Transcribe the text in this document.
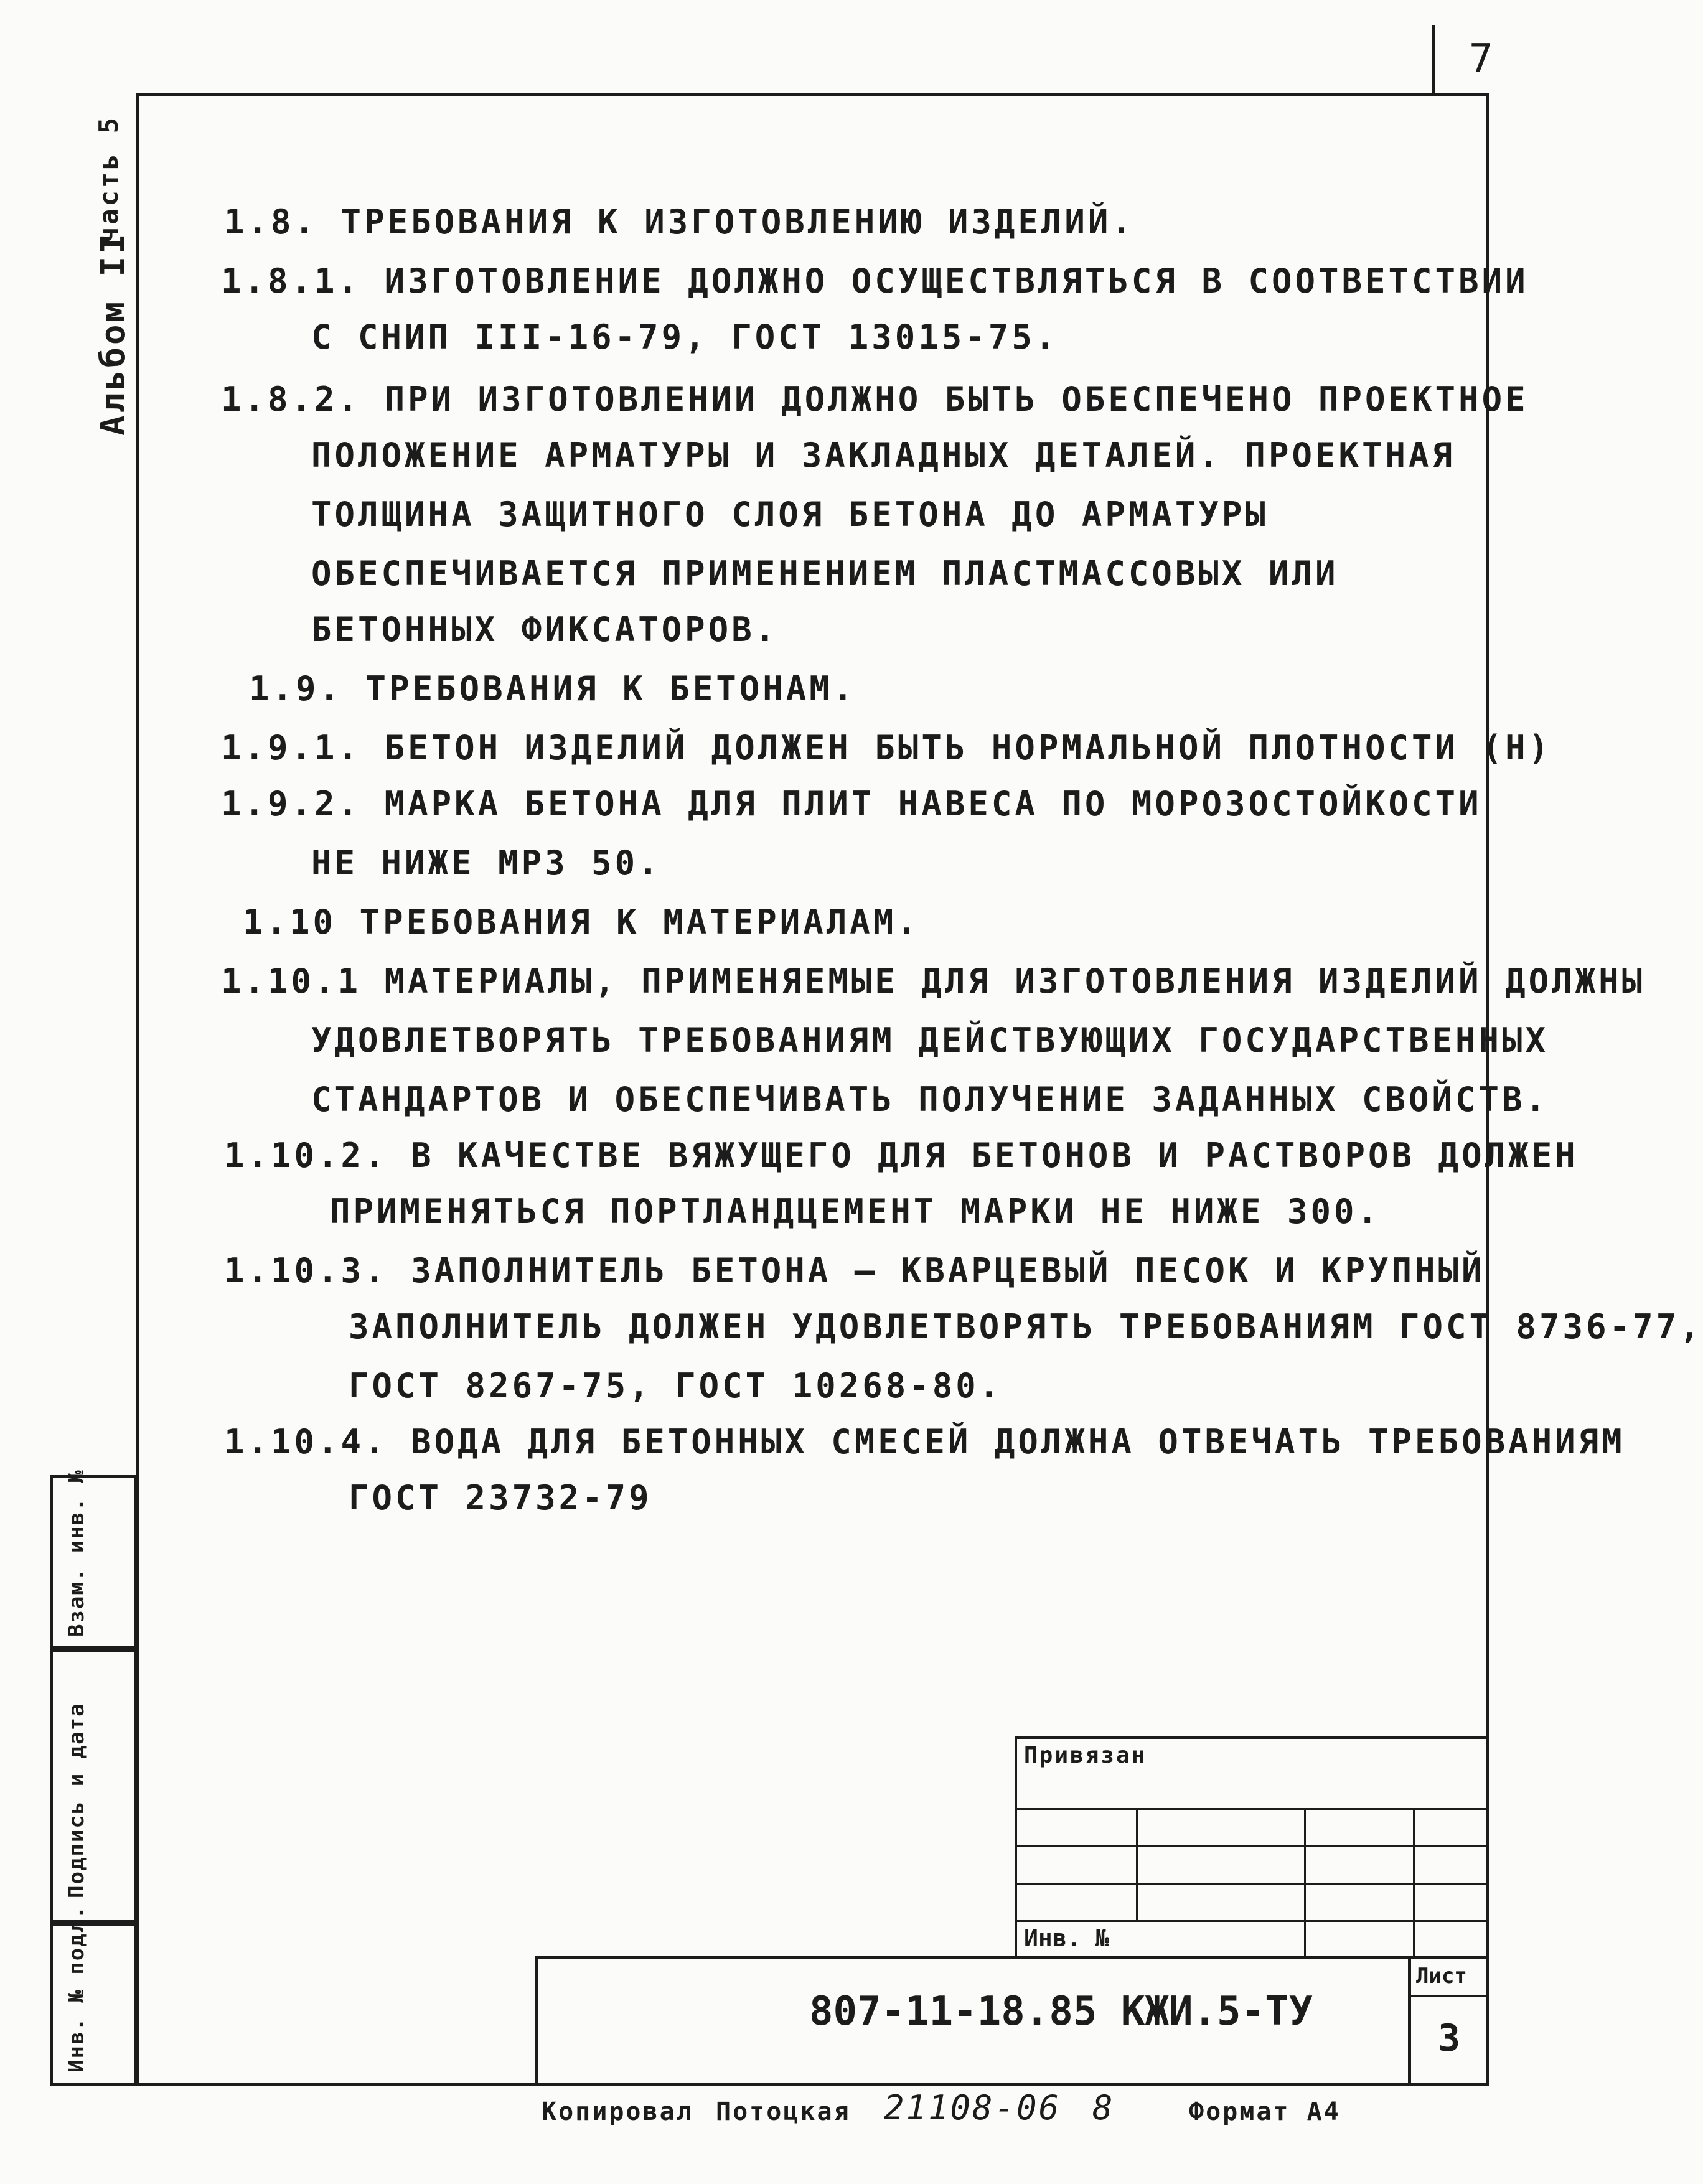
7
Альбом II
часть 5
Взам. инв. №
Подпись и дата
Инв. № подл.
1.8. ТРЕБОВАНИЯ К ИЗГОТОВЛЕНИЮ ИЗДЕЛИЙ.
1.8.1. ИЗГОТОВЛЕНИЕ ДОЛЖНО ОСУЩЕСТВЛЯТЬСЯ В СООТВЕТСТВИИ
С СНИП III-16-79, ГОСТ 13015-75.
1.8.2. ПРИ ИЗГОТОВЛЕНИИ ДОЛЖНО БЫТЬ ОБЕСПЕЧЕНО ПРОЕКТНОЕ
ПОЛОЖЕНИЕ АРМАТУРЫ И ЗАКЛАДНЫХ ДЕТАЛЕЙ. ПРОЕКТНАЯ
ТОЛЩИНА ЗАЩИТНОГО СЛОЯ БЕТОНА ДО АРМАТУРЫ
ОБЕСПЕЧИВАЕТСЯ ПРИМЕНЕНИЕМ ПЛАСТМАССОВЫХ ИЛИ
БЕТОННЫХ ФИКСАТОРОВ.
1.9. ТРЕБОВАНИЯ К БЕТОНАМ.
1.9.1. БЕТОН ИЗДЕЛИЙ ДОЛЖЕН БЫТЬ НОРМАЛЬНОЙ ПЛОТНОСТИ (Н)
1.9.2. МАРКА БЕТОНА ДЛЯ ПЛИТ НАВЕСА ПО МОРОЗОСТОЙКОСТИ
НЕ НИЖЕ МРЗ 50.
1.10 ТРЕБОВАНИЯ К МАТЕРИАЛАМ.
1.10.1 МАТЕРИАЛЫ, ПРИМЕНЯЕМЫЕ ДЛЯ ИЗГОТОВЛЕНИЯ ИЗДЕЛИЙ ДОЛЖНЫ
УДОВЛЕТВОРЯТЬ ТРЕБОВАНИЯМ ДЕЙСТВУЮЩИХ ГОСУДАРСТВЕННЫХ
СТАНДАРТОВ И ОБЕСПЕЧИВАТЬ ПОЛУЧЕНИЕ ЗАДАННЫХ СВОЙСТВ.
1.10.2. В КАЧЕСТВЕ ВЯЖУЩЕГО ДЛЯ БЕТОНОВ И РАСТВОРОВ ДОЛЖЕН
ПРИМЕНЯТЬСЯ ПОРТЛАНДЦЕМЕНТ МАРКИ НЕ НИЖЕ 300.
1.10.3. ЗАПОЛНИТЕЛЬ БЕТОНА — КВАРЦЕВЫЙ ПЕСОК И КРУПНЫЙ
ЗАПОЛНИТЕЛЬ ДОЛЖЕН УДОВЛЕТВОРЯТЬ ТРЕБОВАНИЯМ ГОСТ 8736-77,
ГОСТ 8267-75, ГОСТ 10268-80.
1.10.4. ВОДА ДЛЯ БЕТОННЫХ СМЕСЕЙ ДОЛЖНА ОТВЕЧАТЬ ТРЕБОВАНИЯМ
ГОСТ 23732-79
Привязан
Инв. №
807-11-18.85 КЖИ.5-ТУ
Лист
3
Копировал Потоцкая 21108-06 8	Формат А4
